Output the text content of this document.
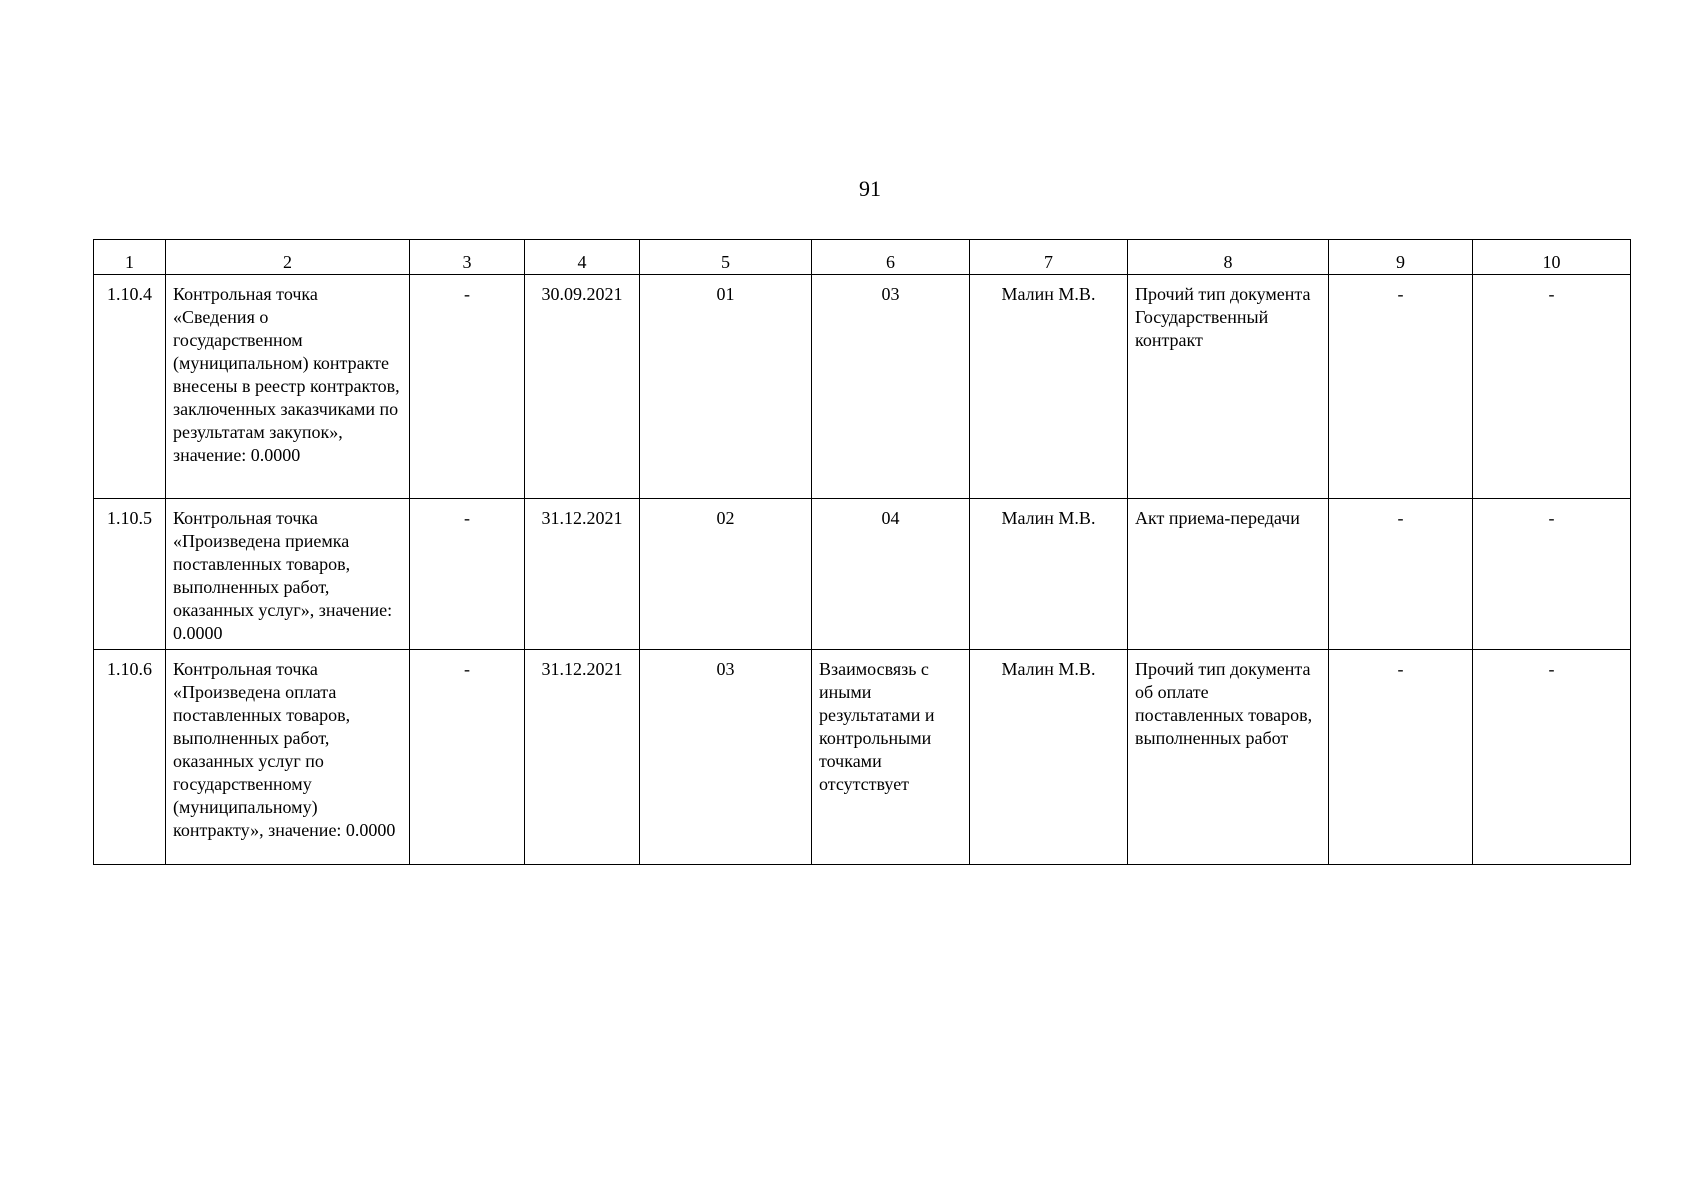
91
1	2	3	4	5	6	7	8	9	10
1.10.4	Контрольная точка «Сведения о государственном (муниципальном) контракте внесены в реестр контрактов, заключенных заказчиками по результатам закупок», значение: 0.0000	-	30.09.2021	01	03	Малин М.В.	Прочий тип документа Государственный контракт	-	-
1.10.5	Контрольная точка «Произведена приемка поставленных товаров, выполненных работ, оказанных услуг», значение: 0.0000	-	31.12.2021	02	04	Малин М.В.	Акт приема-передачи	-	-
1.10.6	Контрольная точка «Произведена оплата поставленных товаров, выполненных работ, оказанных услуг по государственному (муниципальному) контракту», значение: 0.0000	-	31.12.2021	03	Взаимосвязь с иными результатами и контрольными точками отсутствует	Малин М.В.	Прочий тип документа об оплате поставленных товаров, выполненных работ	-	-
